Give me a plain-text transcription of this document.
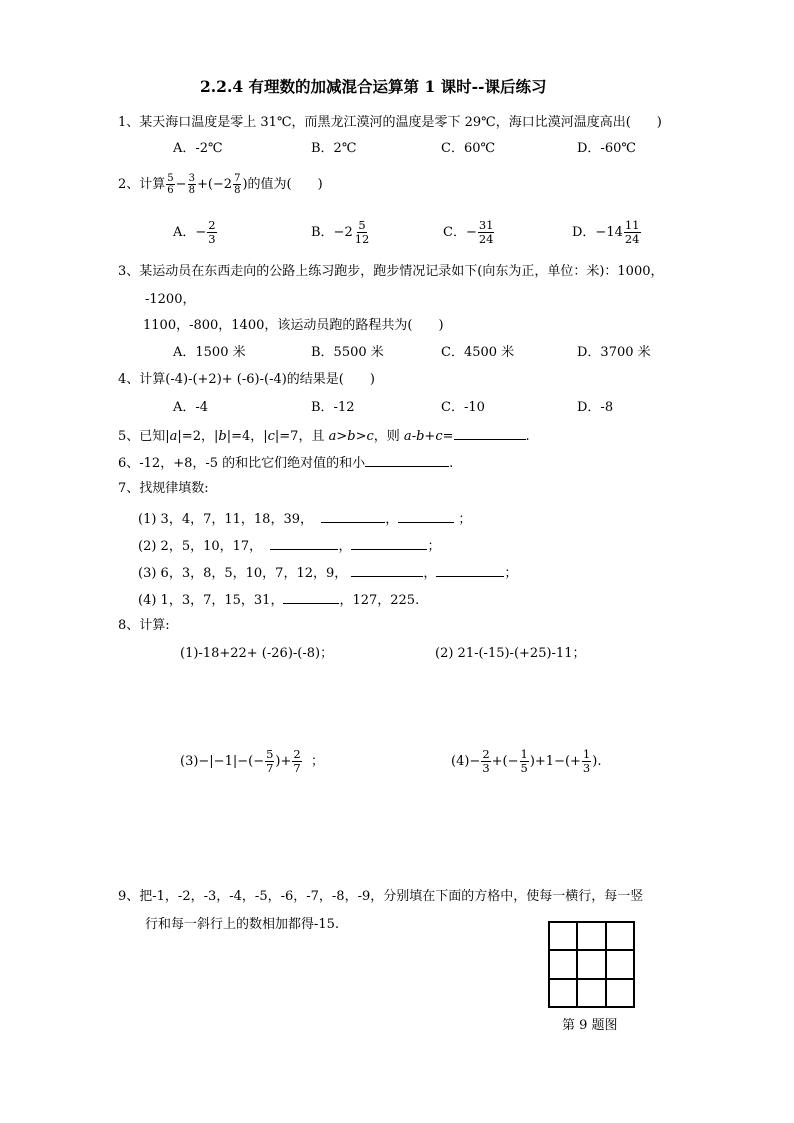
2.2.4 有理数的加减混合运算第 1 课时--课后练习
1、某天海口温度是零上 31℃，而黑龙江漠河的温度是零下 29℃，海口比漠河温度高出(　　)
A．-2℃	B．2℃	C．60℃	D．-60℃
2、计算 $\frac{5}{6} - \frac{3}{8} +(-2 \frac{7}{8}$ )的值为(　　)
A．− $\frac{2}{3}$	B．$-2 \frac{5}{12}$	C．− $\frac{31}{24}$	D．$-14 \frac{11}{24}$
3、某运动员在东西走向的公路上练习跑步，跑步情况记录如下(向东为正，单位：米)：1000，
-1200，
1100，-800，1400，该运动员跑的路程共为(　　)
A．1500 米	B．5500 米	C．4500 米	D．3700 米
4、计算(-4)-(+2)+ (-6)-(-4)的结果是(　　)
A．-4	B．-12	C．-10	D．-8
5、已知|a|=2，|b|=4，|c|=7，且 a>b>c，则 a-b+c=	.
6、-12，+8，-5 的和比它们绝对值的和小	.
7、找规律填数:
(1) 3，4，7，11，18，39，	，	；
(2) 2，5，10，17，	，	；
(3) 6，3，8，5，10，7，12，9，	，	；
(4) 1，3，7，15，31，	，127，225.
8、计算:
(1)-18+22+ (-26)-(-8)；	(2) 21-(-15)-(+25)-11；
$(3)-|-1|-(- \frac{5}{7}$ )+ $\frac{2}{7}$ ；	$(4)- \frac{2}{3}$ +(− $\frac{1}{5} )+1-(+ \frac{1}{3}$ ).
9、把-1，-2，-3，-4，-5，-6，-7，-8，-9，分别填在下面的方格中，使每一横行，每一竖
行和每一斜行上的数相加都得-15.
第 9 题图
